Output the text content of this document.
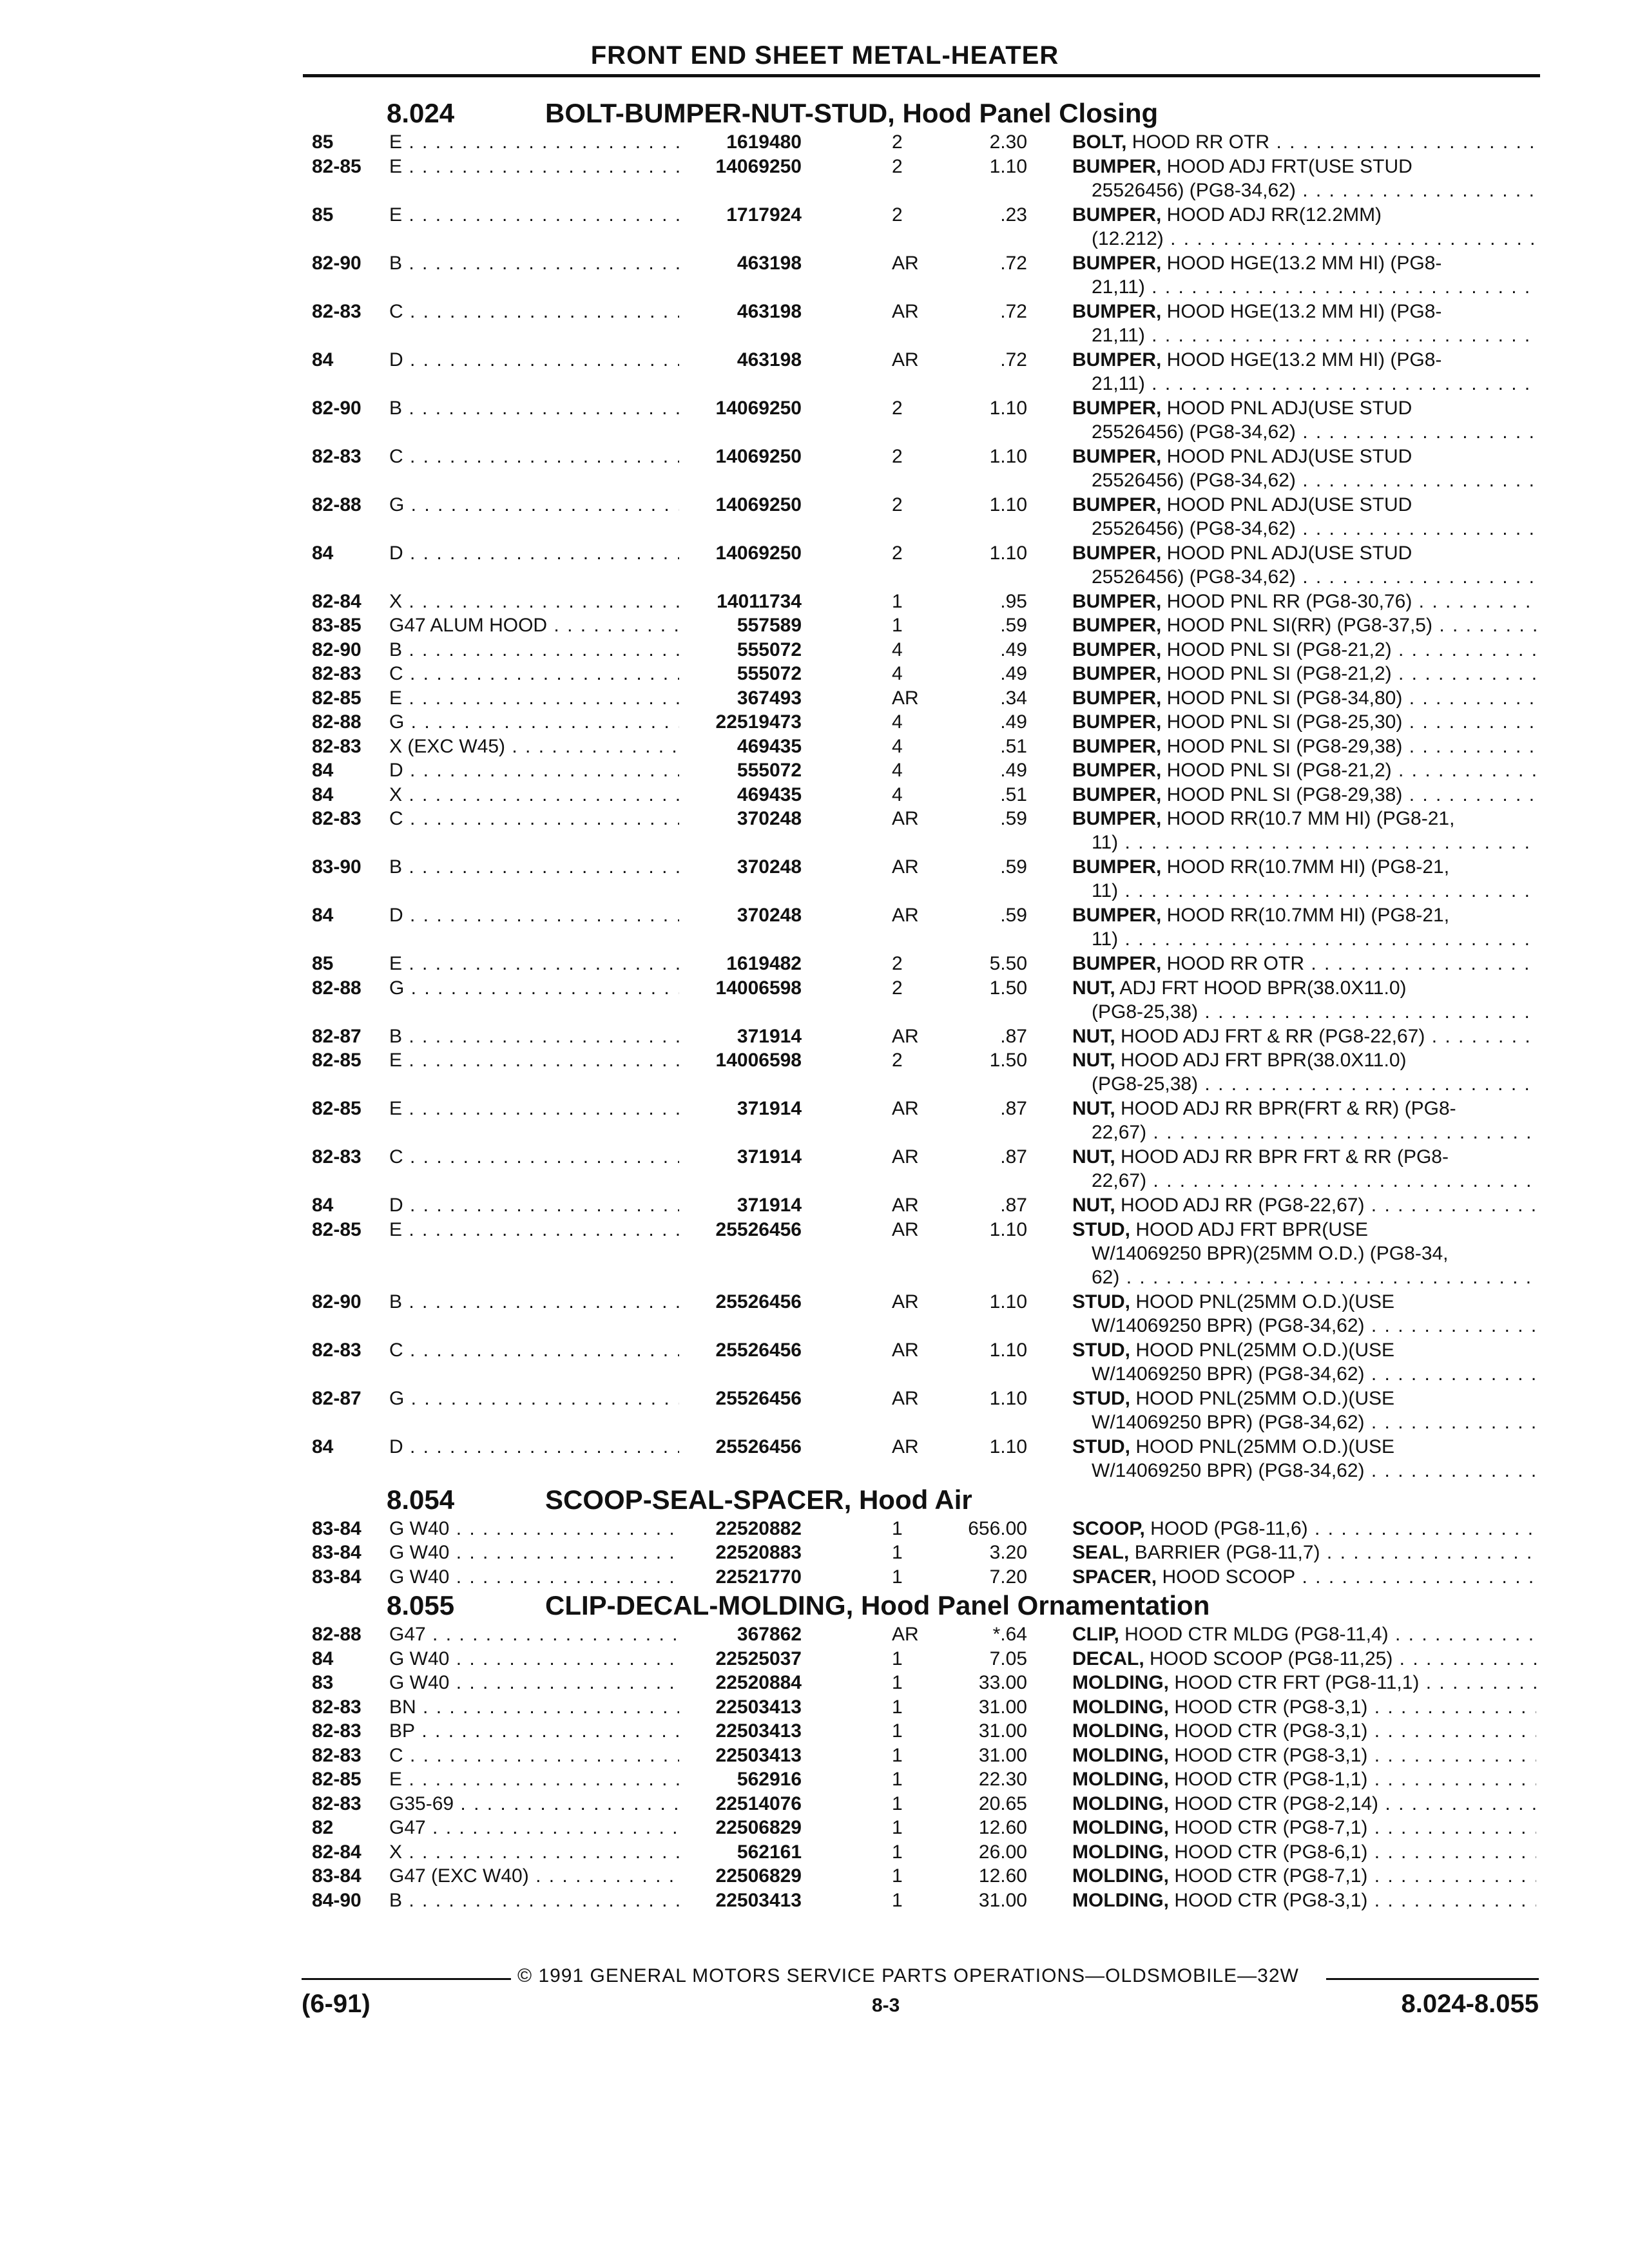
FRONT END SHEET METAL-HEATER
8.024	BOLT-BUMPER-NUT-STUD, Hood Panel Closing
85	E . . .	1619480	2	2.30 BOLT, HOOD RR OTR . . .
82-85 E . . .	14069250	2	1.10 BUMPER, HOOD ADJ FRT(USE STUD
25526456) (PG8-34,62) . . .
85	E . . .	1717924	2	.23 BUMPER, HOOD ADJ RR(12.2MM)
(12.212) . . .
82-90 B . . .	463198	AR	.72 BUMPER, HOOD HGE(13.2 MM HI) (PG8-
21,11) . . .
82-83 C . . .	463198	AR	.72 BUMPER, HOOD HGE(13.2 MM HI) (PG8-
21,11) . . .
84	D . . .	463198	AR	.72 BUMPER, HOOD HGE(13.2 MM HI) (PG8-
21,11) . . .
82-90 B . . .	14069250	2	1.10 BUMPER, HOOD PNL ADJ(USE STUD
25526456) (PG8-34,62) . . .
82-83 C . . .	14069250	2	1.10 BUMPER, HOOD PNL ADJ(USE STUD
25526456) (PG8-34,62) . . .
82-88 G . . .	14069250	2	1.10 BUMPER, HOOD PNL ADJ(USE STUD
25526456) (PG8-34,62) . . .
84	D . . .	14069250	2	1.10 BUMPER, HOOD PNL ADJ(USE STUD
25526456) (PG8-34,62) . . .
82-84 X . . .	14011734	1	.95 BUMPER, HOOD PNL RR (PG8-30,76) . . .
83-85 G47 ALUM HOOD . . .	557589	1	.59 BUMPER, HOOD PNL SI(RR) (PG8-37,5) . . .
82-90 B . . .	555072	4	.49 BUMPER, HOOD PNL SI (PG8-21,2) . . .
82-83 C . . .	555072	4	.49 BUMPER, HOOD PNL SI (PG8-21,2) . . .
82-85 E . . .	367493	AR	.34 BUMPER, HOOD PNL SI (PG8-34,80) . . .
82-88 G . . .	22519473	4	.49 BUMPER, HOOD PNL SI (PG8-25,30) . . .
82-83 X (EXC W45) . . .	469435	4	.51 BUMPER, HOOD PNL SI (PG8-29,38) . . .
84	D . . .	555072	4	.49 BUMPER, HOOD PNL SI (PG8-21,2) . . .
84	X . . .	469435	4	.51 BUMPER, HOOD PNL SI (PG8-29,38) . . .
82-83 C . . .	370248	AR	.59 BUMPER, HOOD RR(10.7 MM HI) (PG8-21,
11) . . .
83-90 B . . .	370248	AR	.59 BUMPER, HOOD RR(10.7MM HI) (PG8-21,
11) . . .
84	D . . .	370248	AR	.59 BUMPER, HOOD RR(10.7MM HI) (PG8-21,
11) . . .
85	E . . .	1619482	2	5.50 BUMPER, HOOD RR OTR . . .
82-88 G . . .	14006598	2	1.50 NUT, ADJ FRT HOOD BPR(38.0X11.0)
(PG8-25,38) . . .
82-87 B . . .	371914	AR	.87 NUT, HOOD ADJ FRT & RR (PG8-22,67) . . .
82-85 E . . .	14006598	2	1.50 NUT, HOOD ADJ FRT BPR(38.0X11.0)
(PG8-25,38) . . .
82-85 E . . .	371914	AR	.87 NUT, HOOD ADJ RR BPR(FRT & RR) (PG8-
22,67) . . .
82-83 C . . .	371914	AR	.87 NUT, HOOD ADJ RR BPR FRT & RR (PG8-
22,67) . . .
84	D . . .	371914	AR	.87 NUT, HOOD ADJ RR (PG8-22,67) . . .
82-85 E . . .	25526456	AR	1.10 STUD, HOOD ADJ FRT BPR(USE
W/14069250 BPR)(25MM O.D.) (PG8-34,
62) . . .
82-90 B . . .	25526456	AR	1.10 STUD, HOOD PNL(25MM O.D.)(USE
W/14069250 BPR) (PG8-34,62) . . .
82-83 C . . .	25526456	AR	1.10 STUD, HOOD PNL(25MM O.D.)(USE
W/14069250 BPR) (PG8-34,62) . . .
82-87 G . . .	25526456	AR	1.10 STUD, HOOD PNL(25MM O.D.)(USE
W/14069250 BPR) (PG8-34,62) . . .
84	D . . .	25526456	AR	1.10 STUD, HOOD PNL(25MM O.D.)(USE
W/14069250 BPR) (PG8-34,62) . . .
8.054	SCOOP-SEAL-SPACER, Hood Air
83-84 G W40 . . .	22520882	1	656.00 SCOOP, HOOD (PG8-11,6) . . .
83-84 G W40 . . .	22520883	1	3.20 SEAL, BARRIER (PG8-11,7) . . .
83-84 G W40 . . .	22521770	1	7.20 SPACER, HOOD SCOOP . . .
8.055	CLIP-DECAL-MOLDING, Hood Panel Ornamentation
82-88 G47 . . .	367862	AR	*.64 CLIP, HOOD CTR MLDG (PG8-11,4) . . .
84	G W40 . . .	22525037	1	7.05 DECAL, HOOD SCOOP (PG8-11,25) . . .
83	G W40 . . .	22520884	1	33.00 MOLDING, HOOD CTR FRT (PG8-11,1) . . .
82-83 BN . . .	22503413	1	31.00 MOLDING, HOOD CTR (PG8-3,1) . . .
82-83 BP . . .	22503413	1	31.00 MOLDING, HOOD CTR (PG8-3,1) . . .
82-83 C . . .	22503413	1	31.00 MOLDING, HOOD CTR (PG8-3,1) . . .
82-85 E . . .	562916	1	22.30 MOLDING, HOOD CTR (PG8-1,1) . . .
82-83 G35-69 . . .	22514076	1	20.65 MOLDING, HOOD CTR (PG8-2,14) . . .
82	G47 . . .	22506829	1	12.60 MOLDING, HOOD CTR (PG8-7,1) . . .
82-84 X . . .	562161	1	26.00 MOLDING, HOOD CTR (PG8-6,1) . . .
83-84 G47 (EXC W40) . . .	22506829	1	12.60 MOLDING, HOOD CTR (PG8-7,1) . . .
84-90 B . . .	22503413	1	31.00 MOLDING, HOOD CTR (PG8-3,1) . . .
© 1991 GENERAL MOTORS SERVICE PARTS OPERATIONS—OLDSMOBILE—32W
(6-91)	8-3	8.024-8.055
